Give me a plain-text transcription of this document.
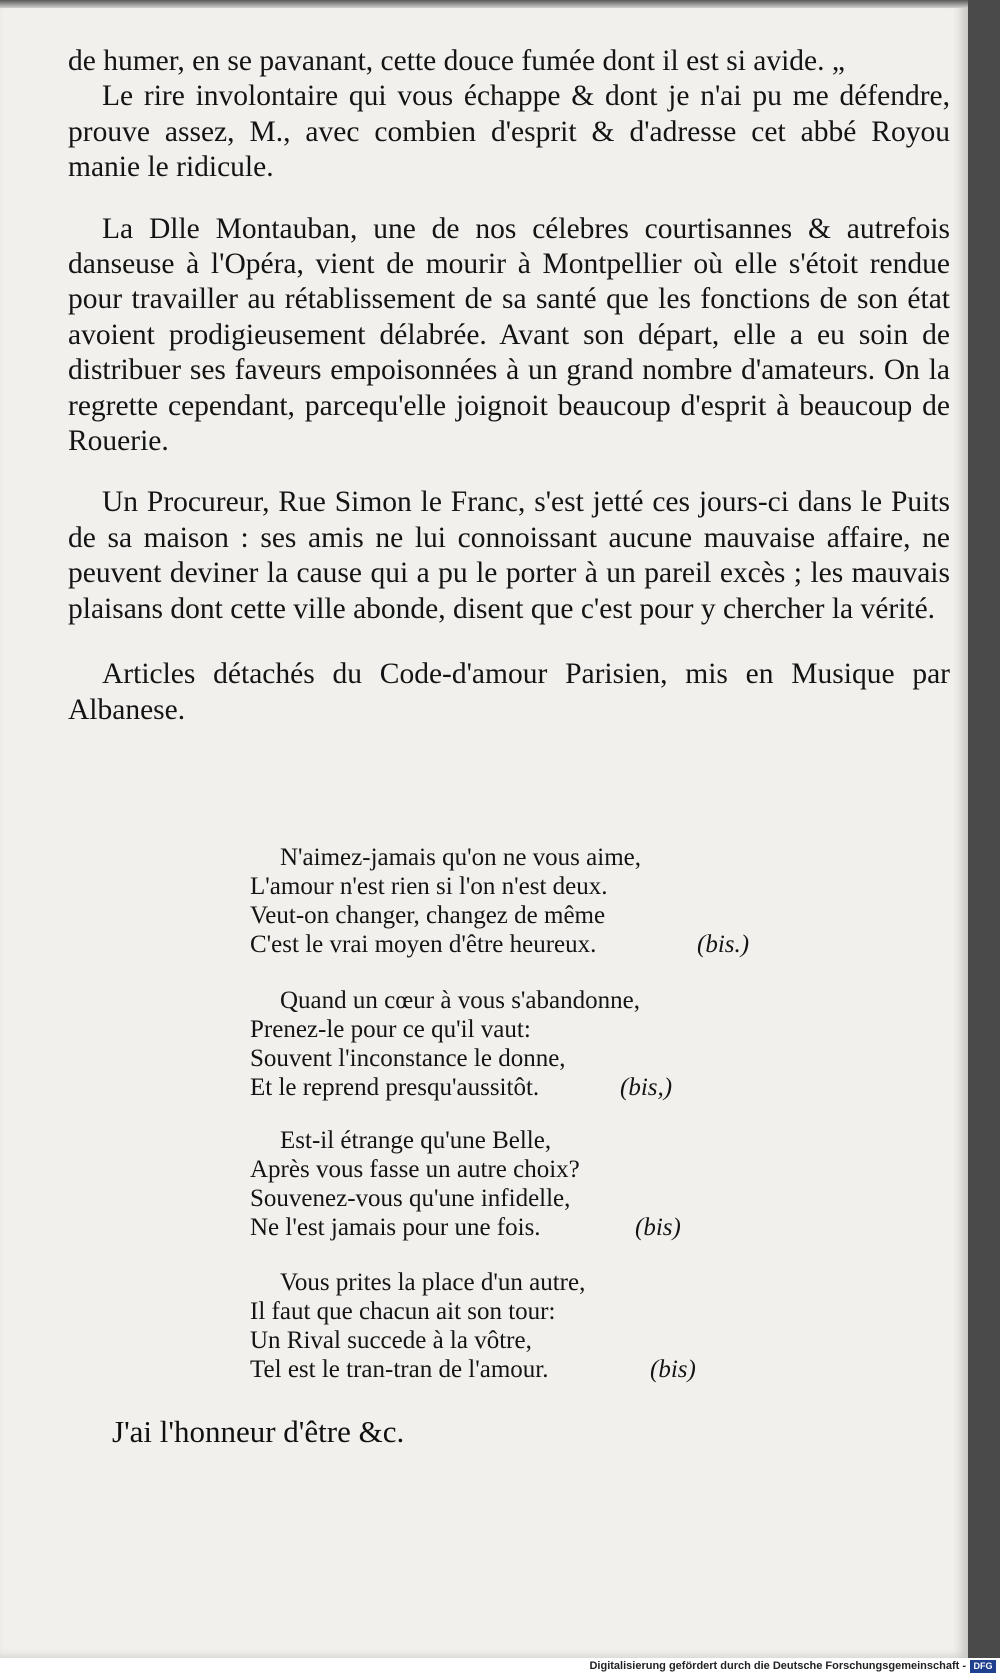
de humer, en se pavanant, cette douce fumée dont il est si avide. „

Le rire involontaire qui vous échappe & dont je n'ai pu me défendre, prouve assez, M., avec combien d'esprit & d'adresse cet abbé Royou manie le ridicule.

La Dlle Montauban, une de nos célebres courtisannes & autrefois danseuse à l'Opéra, vient de mourir à Montpellier où elle s'étoit rendue pour travailler au rétablissement de sa santé que les fonctions de son état avoient prodigieusement délabrée. Avant son départ, elle a eu soin de distribuer ses faveurs empoisonnées à un grand nombre d'amateurs. On la regrette cependant, parcequ'elle joignoit beaucoup d'esprit à beaucoup de Rouerie.

Un Procureur, Rue Simon le Franc, s'est jetté ces jours-ci dans le Puits de sa maison : ses amis ne lui connoissant aucune mauvaise affaire, ne peuvent deviner la cause qui a pu le porter à un pareil excès ; les mauvais plaisans dont cette ville abonde, disent que c'est pour y chercher la vérité.

Articles détachés du Code-d'amour Parisien, mis en Musique par Albanese.

N'aimez-jamais qu'on ne vous aime,
L'amour n'est rien si l'on n'est deux.
Veut-on changer, changez de même
C'est le vrai moyen d'être heureux.	(bis.)
Quand un cœur à vous s'abandonne,
Prenez-le pour ce qu'il vaut:
Souvent l'inconstance le donne,
Et le reprend presqu'aussitôt.	(bis,)
Est-il étrange qu'une Belle,
Après vous fasse un autre choix?
Souvenez-vous qu'une infidelle,
Ne l'est jamais pour une fois.	(bis)
Vous prites la place d'un autre,
Il faut que chacun ait son tour:
Un Rival succede à la vôtre,
Tel est le tran-tran de l'amour.	(bis)
J'ai l'honneur d'être &c.
Digitalisierung gefördert durch die Deutsche Forschungsgemeinschaft - DFG
